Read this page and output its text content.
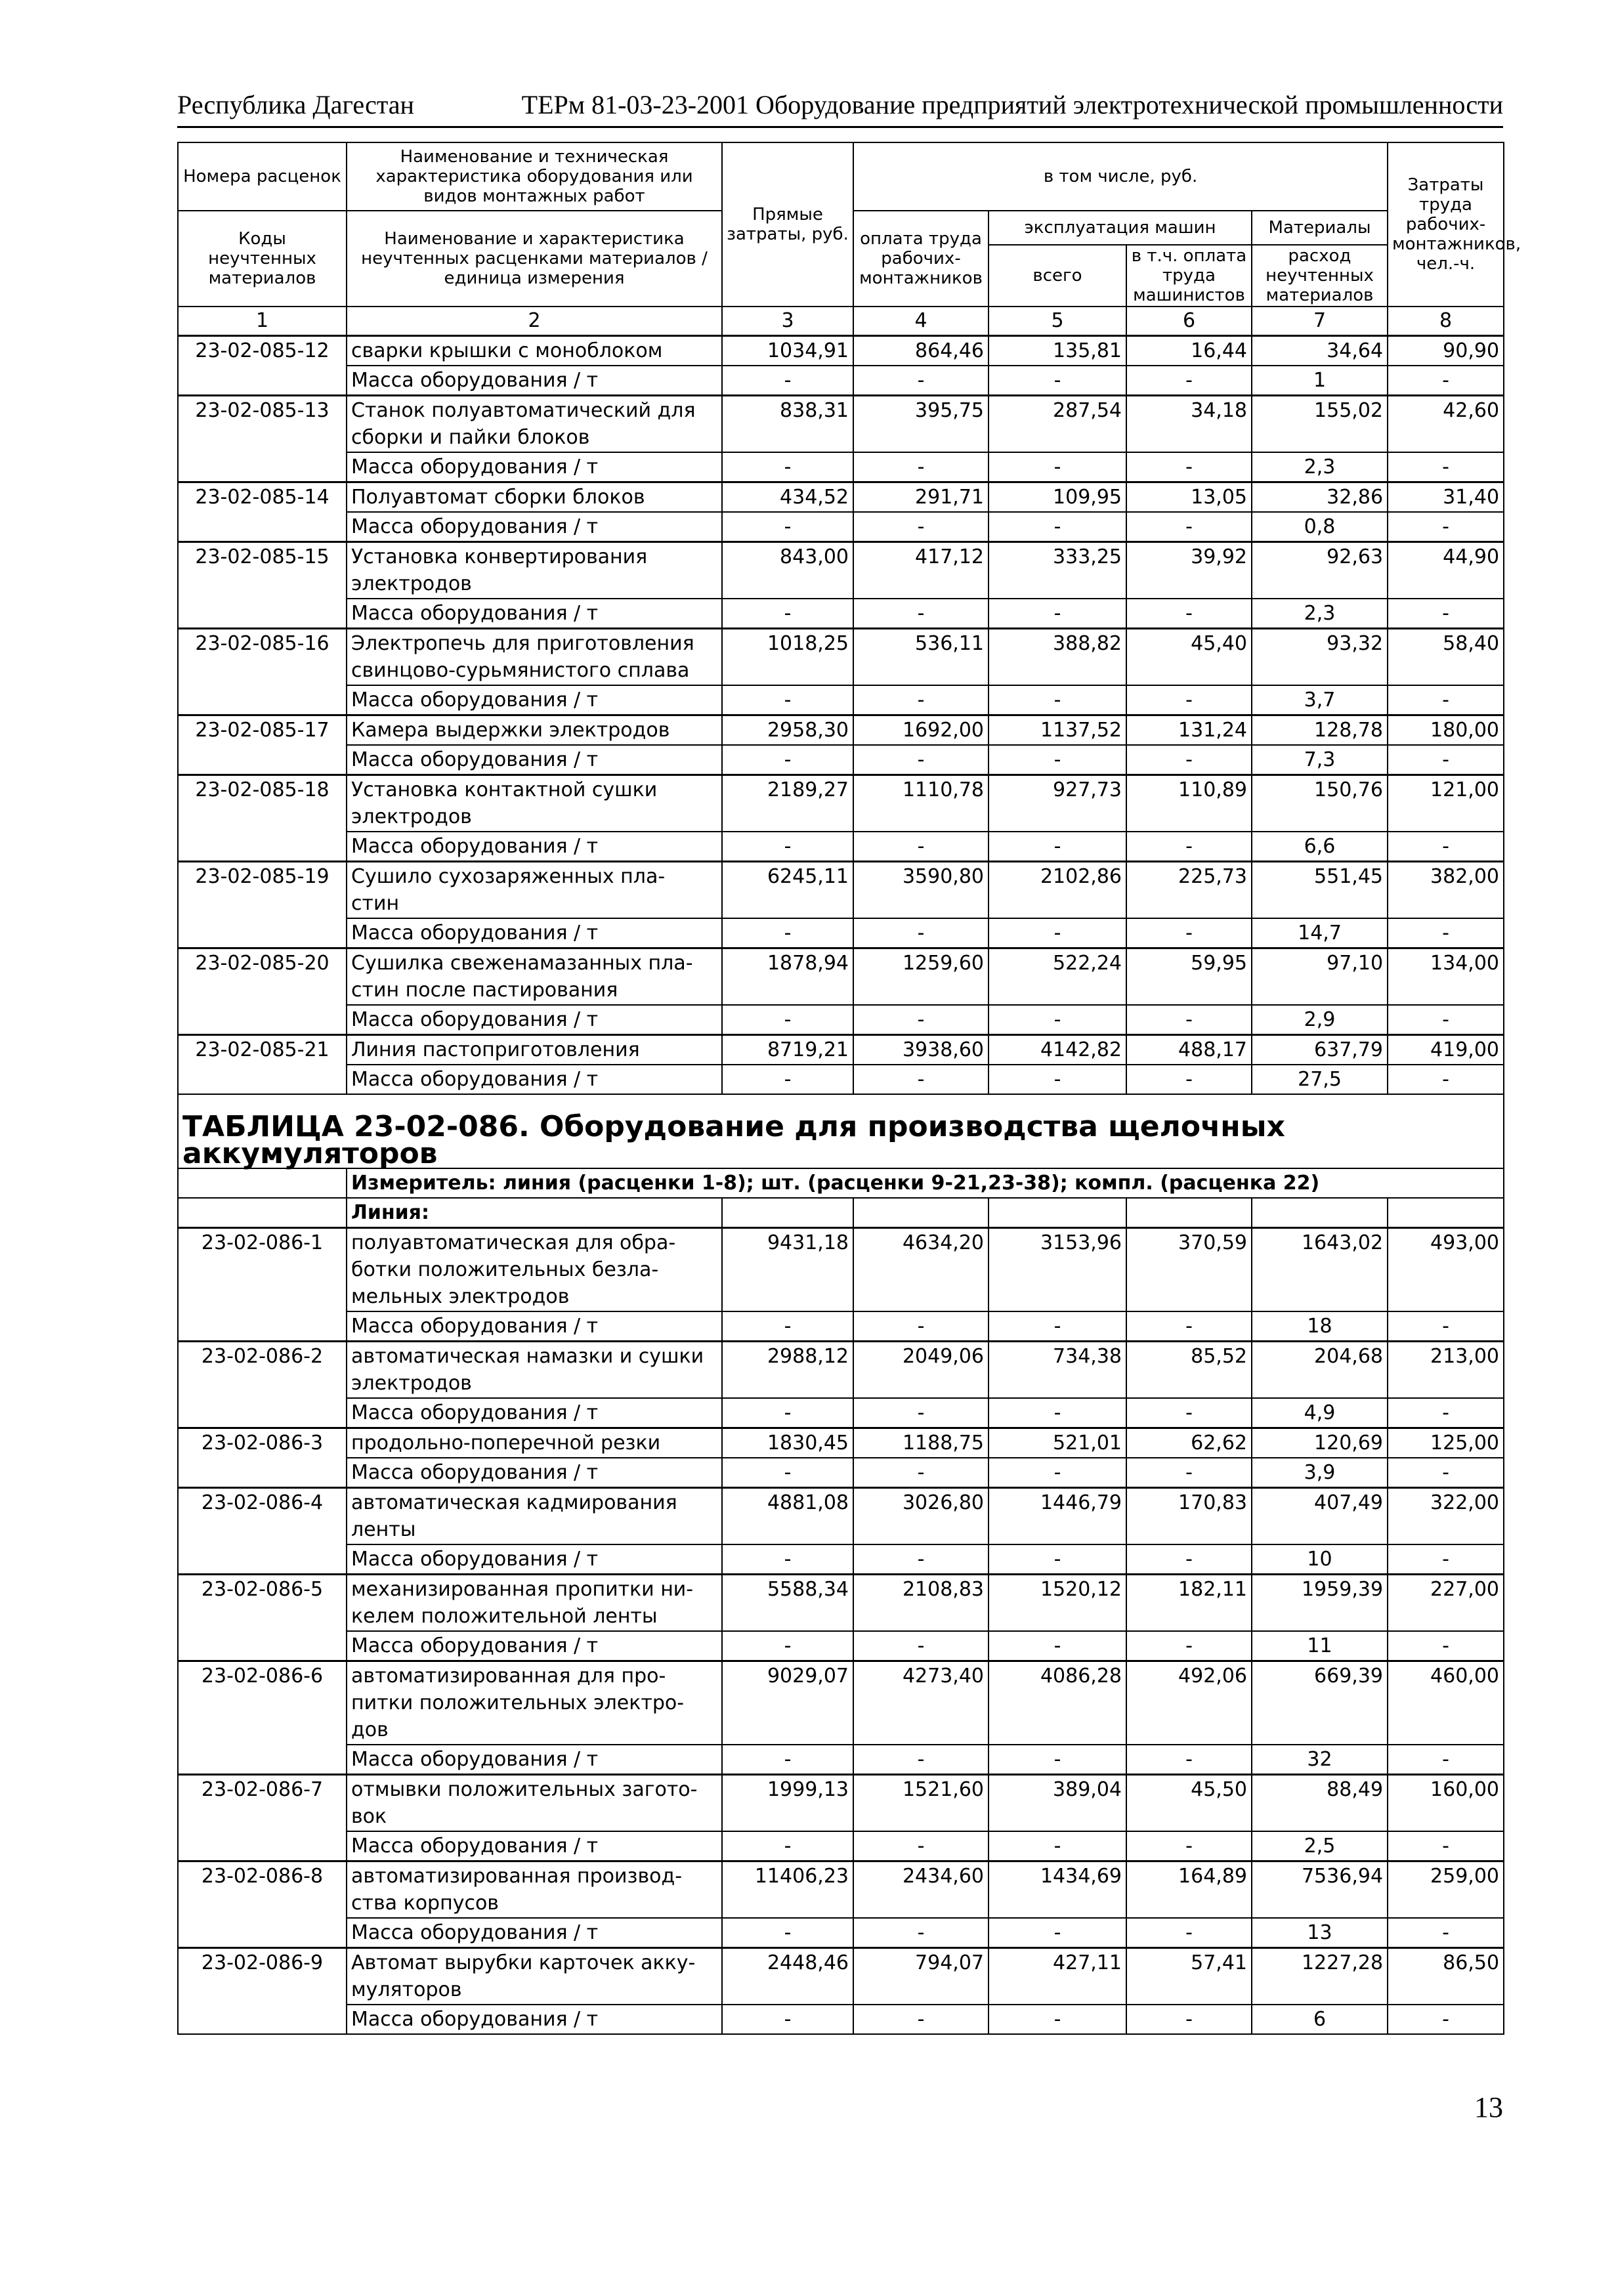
Республика Дагестан	ТЕРм 81-03-23-2001 Оборудование предприятий электротехнической промышленности
Номера расценок	Наименование и техническая характеристика оборудования или видов монтажных работ	Прямые затраты, руб.	в том числе, руб.				Затраты труда рабочих-монтажников, чел.-ч.
Коды неучтенных материалов	Наименование и характеристика неучтенных расценками материалов / единица измерения		оплата труда рабочих-монтажников	эксплуатация машин		Материалы	
				всего	в т.ч. оплата труда машинистов	расход неучтенных материалов	
1	2	3	4	5	6	7	8
23-02-085-12	сварки крышки с моноблоком	1034,91	864,46	135,81	16,44	34,64	90,90
	Масса оборудования / т	-	-	-	-	1	-
23-02-085-13	Станок полуавтоматический для
сборки и пайки блоков	838,31	395,75	287,54	34,18	155,02	42,60
	Масса оборудования / т	-	-	-	-	2,3	-
23-02-085-14	Полуавтомат сборки блоков	434,52	291,71	109,95	13,05	32,86	31,40
	Масса оборудования / т	-	-	-	-	0,8	-
23-02-085-15	Установка конвертирования
электродов	843,00	417,12	333,25	39,92	92,63	44,90
	Масса оборудования / т	-	-	-	-	2,3	-
23-02-085-16	Электропечь для приготовления
свинцово-сурьмянистого сплава	1018,25	536,11	388,82	45,40	93,32	58,40
	Масса оборудования / т	-	-	-	-	3,7	-
23-02-085-17	Камера выдержки электродов	2958,30	1692,00	1137,52	131,24	128,78	180,00
	Масса оборудования / т	-	-	-	-	7,3	-
23-02-085-18	Установка контактной сушки
электродов	2189,27	1110,78	927,73	110,89	150,76	121,00
	Масса оборудования / т	-	-	-	-	6,6	-
23-02-085-19	Сушило сухозаряженных пла-
стин	6245,11	3590,80	2102,86	225,73	551,45	382,00
	Масса оборудования / т	-	-	-	-	14,7	-
23-02-085-20	Сушилка свеженамазанных пла-
стин после пастирования	1878,94	1259,60	522,24	59,95	97,10	134,00
	Масса оборудования / т	-	-	-	-	2,9	-
23-02-085-21	Линия пастоприготовления	8719,21	3938,60	4142,82	488,17	637,79	419,00
	Масса оборудования / т	-	-	-	-	27,5	-
ТАБЛИЦА 23-02-086. Оборудование для производства щелочных аккумуляторов							
	Измеритель: линия (расценки 1-8); шт. (расценки 9-21,23-38); компл. (расценка 22)						
	Линия:						
23-02-086-1	полуавтоматическая для обра-
ботки положительных безла-
мельных электродов	9431,18	4634,20	3153,96	370,59	1643,02	493,00
	Масса оборудования / т	-	-	-	-	18	-
23-02-086-2	автоматическая намазки и сушки
электродов	2988,12	2049,06	734,38	85,52	204,68	213,00
	Масса оборудования / т	-	-	-	-	4,9	-
23-02-086-3	продольно-поперечной резки	1830,45	1188,75	521,01	62,62	120,69	125,00
	Масса оборудования / т	-	-	-	-	3,9	-
23-02-086-4	автоматическая кадмирования
ленты	4881,08	3026,80	1446,79	170,83	407,49	322,00
	Масса оборудования / т	-	-	-	-	10	-
23-02-086-5	механизированная пропитки ни-
келем положительной ленты	5588,34	2108,83	1520,12	182,11	1959,39	227,00
	Масса оборудования / т	-	-	-	-	11	-
23-02-086-6	автоматизированная для про-
питки положительных электро-
дов	9029,07	4273,40	4086,28	492,06	669,39	460,00
	Масса оборудования / т	-	-	-	-	32	-
23-02-086-7	отмывки положительных загото-
вок	1999,13	1521,60	389,04	45,50	88,49	160,00
	Масса оборудования / т	-	-	-	-	2,5	-
23-02-086-8	автоматизированная производ-
ства корпусов	11406,23	2434,60	1434,69	164,89	7536,94	259,00
	Масса оборудования / т	-	-	-	-	13	-
23-02-086-9	Автомат вырубки карточек акку-
муляторов	2448,46	794,07	427,11	57,41	1227,28	86,50
	Масса оборудования / т	-	-	-	-	6	-
13
